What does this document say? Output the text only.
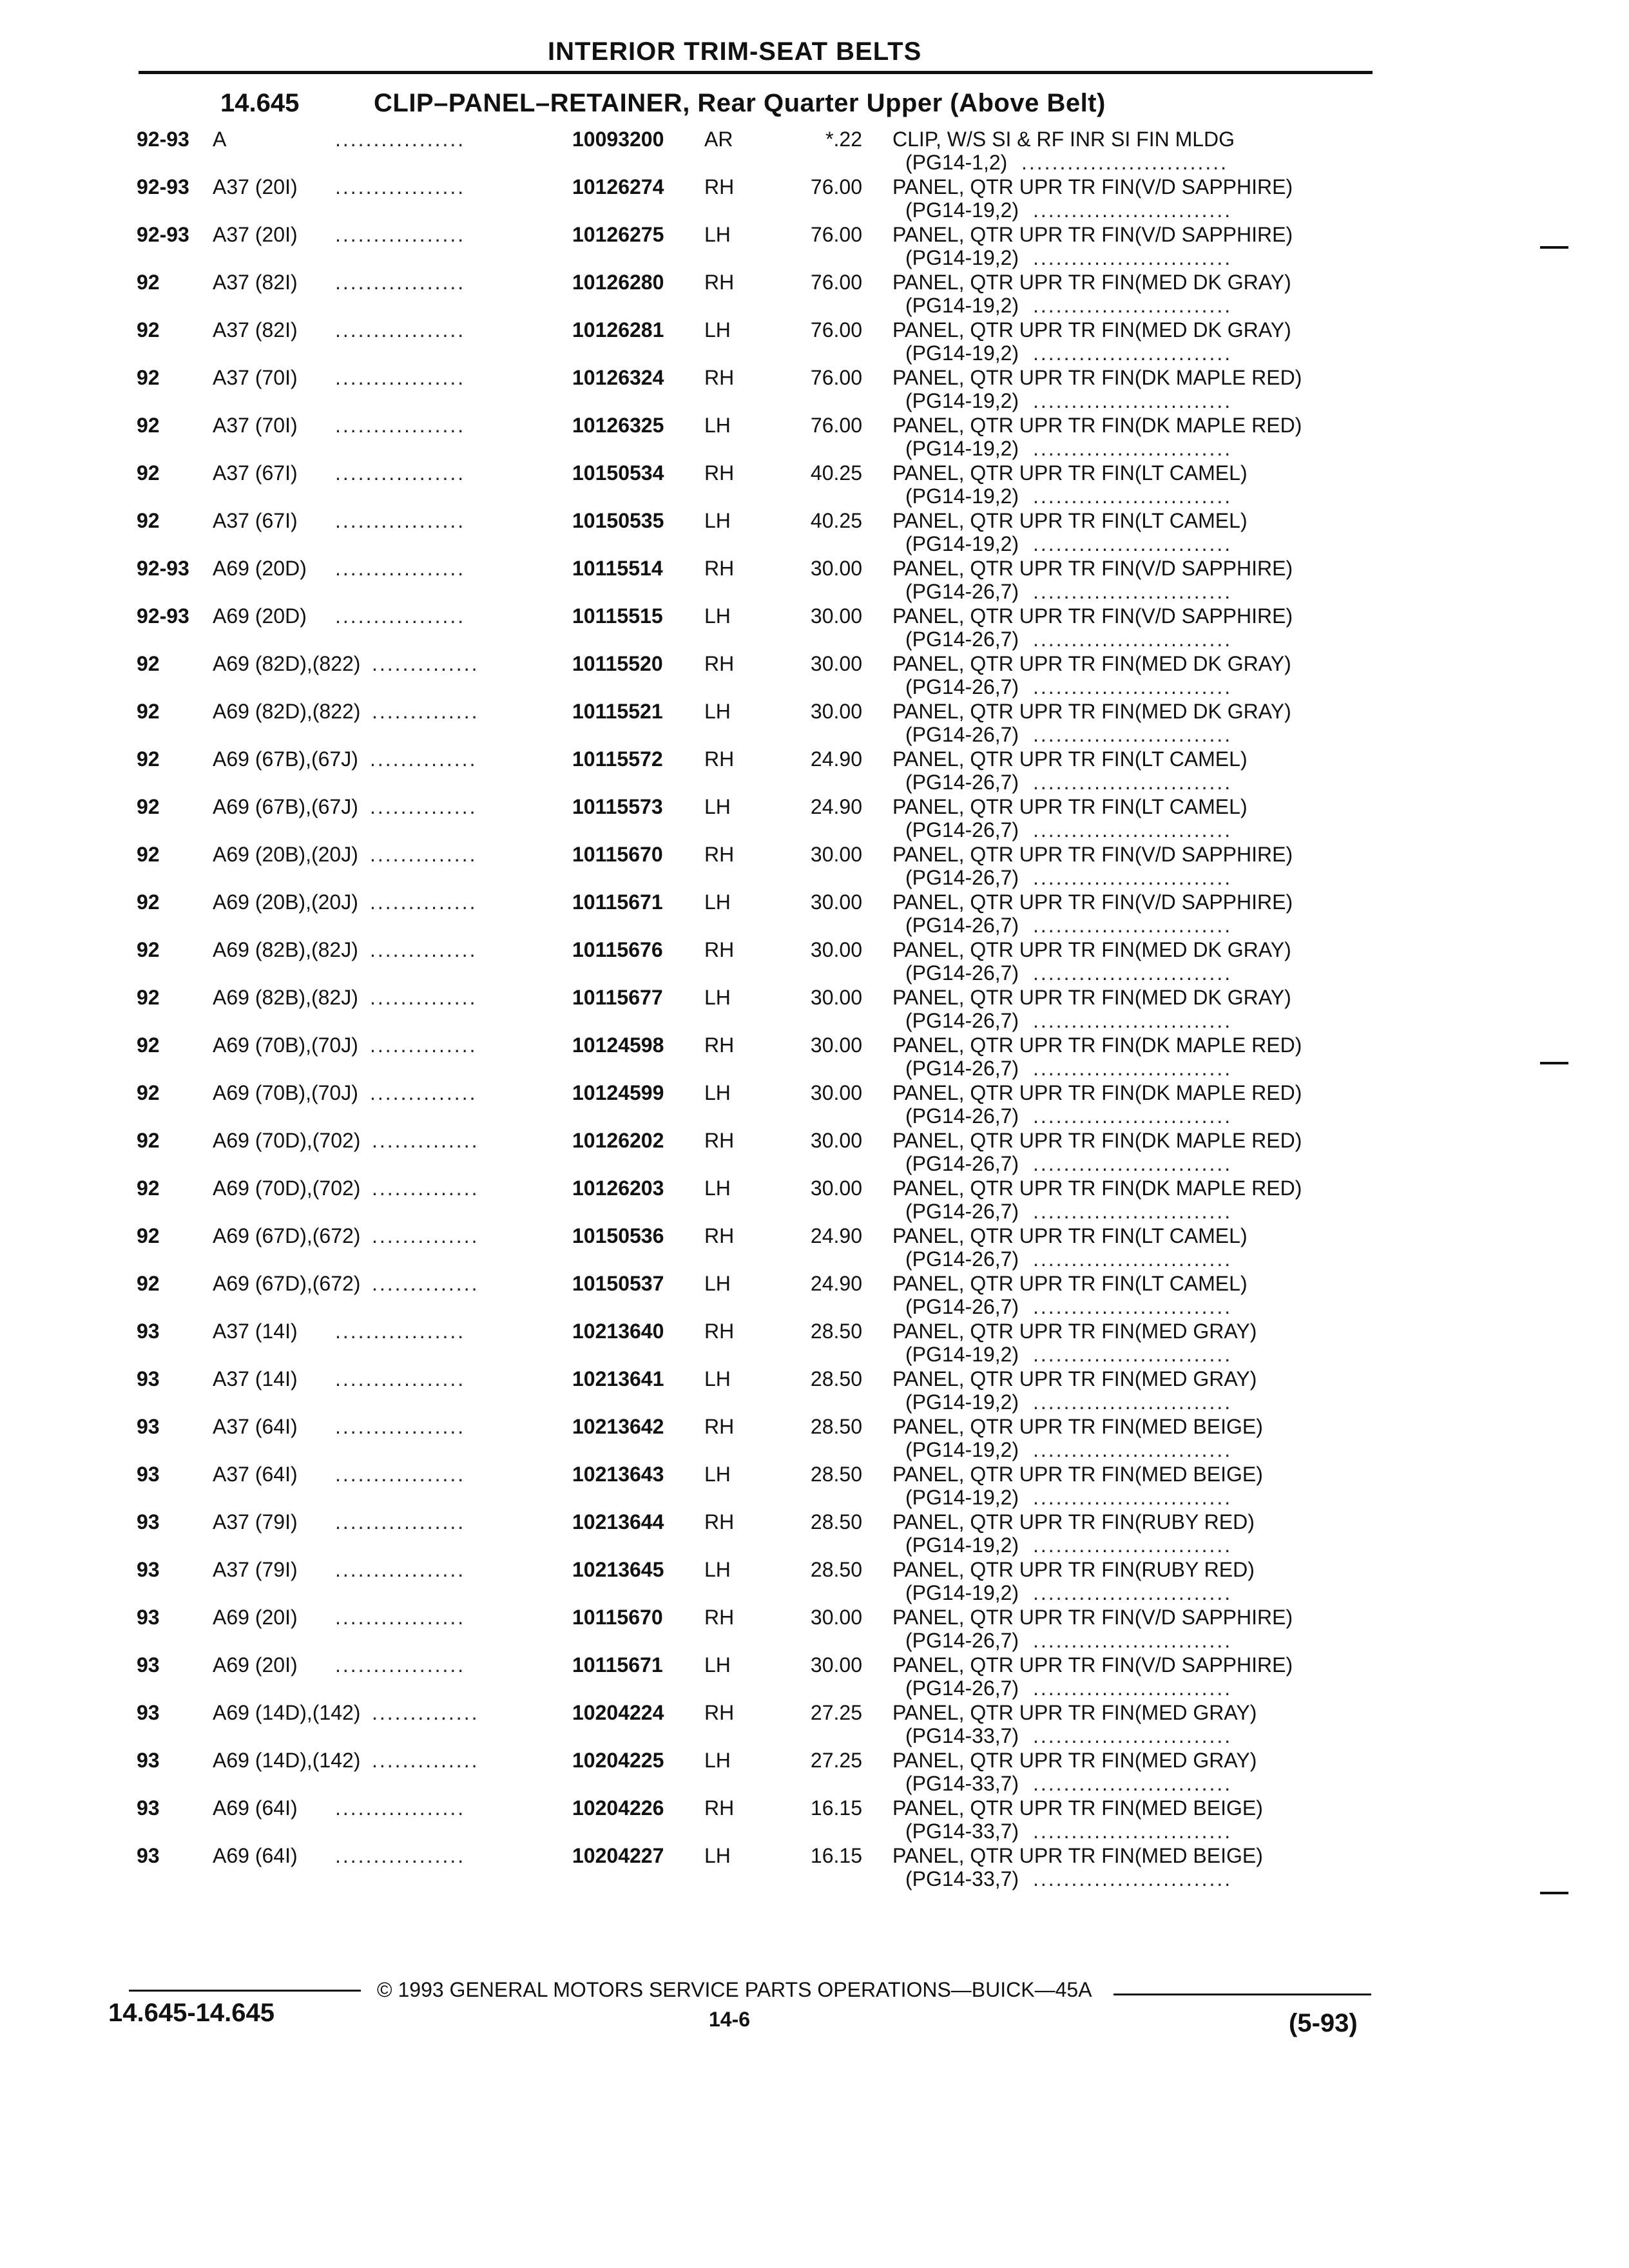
INTERIOR TRIM-SEAT BELTS
14.645	CLIP–PANEL–RETAINER, Rear Quarter Upper (Above Belt)
92-93 A	.................	10093200 AR	*.22 CLIP, W/S SI & RF INR SI FIN MLDG
(PG14-1,2) ...........................
92-93 A37 (20I) .................	10126274 RH	76.00 PANEL, QTR UPR TR FIN(V/D SAPPHIRE)
(PG14-19,2) ..........................
92-93 A37 (20I) .................	10126275 LH	76.00 PANEL, QTR UPR TR FIN(V/D SAPPHIRE)
(PG14-19,2) ..........................
92	A37 (82I) .................	10126280 RH	76.00 PANEL, QTR UPR TR FIN(MED DK GRAY)
(PG14-19,2) ..........................
92	A37 (82I) .................	10126281 LH	76.00 PANEL, QTR UPR TR FIN(MED DK GRAY)
(PG14-19,2) ..........................
92	A37 (70I) .................	10126324 RH	76.00 PANEL, QTR UPR TR FIN(DK MAPLE RED)
(PG14-19,2) ..........................
92	A37 (70I) .................	10126325 LH	76.00 PANEL, QTR UPR TR FIN(DK MAPLE RED)
(PG14-19,2) ..........................
92	A37 (67I) .................	10150534 RH	40.25 PANEL, QTR UPR TR FIN(LT CAMEL)
(PG14-19,2) ..........................
92	A37 (67I) .................	10150535 LH	40.25 PANEL, QTR UPR TR FIN(LT CAMEL)
(PG14-19,2) ..........................
92-93 A69 (20D) .................	10115514 RH	30.00 PANEL, QTR UPR TR FIN(V/D SAPPHIRE)
(PG14-26,7) ..........................
92-93 A69 (20D) .................	10115515 LH	30.00 PANEL, QTR UPR TR FIN(V/D SAPPHIRE)
(PG14-26,7) ..........................
92	A69 (82D),(822) ..............	10115520 RH	30.00 PANEL, QTR UPR TR FIN(MED DK GRAY)
(PG14-26,7) ..........................
92	A69 (82D),(822) ..............	10115521 LH	30.00 PANEL, QTR UPR TR FIN(MED DK GRAY)
(PG14-26,7) ..........................
92	A69 (67B),(67J) ..............	10115572 RH	24.90 PANEL, QTR UPR TR FIN(LT CAMEL)
(PG14-26,7) ..........................
92	A69 (67B),(67J) ..............	10115573 LH	24.90 PANEL, QTR UPR TR FIN(LT CAMEL)
(PG14-26,7) ..........................
92	A69 (20B),(20J) ..............	10115670 RH	30.00 PANEL, QTR UPR TR FIN(V/D SAPPHIRE)
(PG14-26,7) ..........................
92	A69 (20B),(20J) ..............	10115671 LH	30.00 PANEL, QTR UPR TR FIN(V/D SAPPHIRE)
(PG14-26,7) ..........................
92	A69 (82B),(82J) ..............	10115676 RH	30.00 PANEL, QTR UPR TR FIN(MED DK GRAY)
(PG14-26,7) ..........................
92	A69 (82B),(82J) ..............	10115677 LH	30.00 PANEL, QTR UPR TR FIN(MED DK GRAY)
(PG14-26,7) ..........................
92	A69 (70B),(70J) ..............	10124598 RH	30.00 PANEL, QTR UPR TR FIN(DK MAPLE RED)
(PG14-26,7) ..........................
92	A69 (70B),(70J) ..............	10124599 LH	30.00 PANEL, QTR UPR TR FIN(DK MAPLE RED)
(PG14-26,7) ..........................
92	A69 (70D),(702) ..............	10126202 RH	30.00 PANEL, QTR UPR TR FIN(DK MAPLE RED)
(PG14-26,7) ..........................
92	A69 (70D),(702) ..............	10126203 LH	30.00 PANEL, QTR UPR TR FIN(DK MAPLE RED)
(PG14-26,7) ..........................
92	A69 (67D),(672) ..............	10150536 RH	24.90 PANEL, QTR UPR TR FIN(LT CAMEL)
(PG14-26,7) ..........................
92	A69 (67D),(672) ..............	10150537 LH	24.90 PANEL, QTR UPR TR FIN(LT CAMEL)
(PG14-26,7) ..........................
93	A37 (14I) .................	10213640 RH	28.50 PANEL, QTR UPR TR FIN(MED GRAY)
(PG14-19,2) ..........................
93	A37 (14I) .................	10213641 LH	28.50 PANEL, QTR UPR TR FIN(MED GRAY)
(PG14-19,2) ..........................
93	A37 (64I) .................	10213642 RH	28.50 PANEL, QTR UPR TR FIN(MED BEIGE)
(PG14-19,2) ..........................
93	A37 (64I) .................	10213643 LH	28.50 PANEL, QTR UPR TR FIN(MED BEIGE)
(PG14-19,2) ..........................
93	A37 (79I) .................	10213644 RH	28.50 PANEL, QTR UPR TR FIN(RUBY RED)
(PG14-19,2) ..........................
93	A37 (79I) .................	10213645 LH	28.50 PANEL, QTR UPR TR FIN(RUBY RED)
(PG14-19,2) ..........................
93	A69 (20I) .................	10115670 RH	30.00 PANEL, QTR UPR TR FIN(V/D SAPPHIRE)
(PG14-26,7) ..........................
93	A69 (20I) .................	10115671 LH	30.00 PANEL, QTR UPR TR FIN(V/D SAPPHIRE)
(PG14-26,7) ..........................
93	A69 (14D),(142) ..............	10204224 RH	27.25 PANEL, QTR UPR TR FIN(MED GRAY)
(PG14-33,7) ..........................
93	A69 (14D),(142) ..............	10204225 LH	27.25 PANEL, QTR UPR TR FIN(MED GRAY)
(PG14-33,7) ..........................
93	A69 (64I) .................	10204226 RH	16.15 PANEL, QTR UPR TR FIN(MED BEIGE)
(PG14-33,7) ..........................
93	A69 (64I) .................	10204227 LH	16.15 PANEL, QTR UPR TR FIN(MED BEIGE)
(PG14-33,7) ..........................
14.645-14.645
© 1993 GENERAL MOTORS SERVICE PARTS OPERATIONS—BUICK—45A
14-6	(5-93)
